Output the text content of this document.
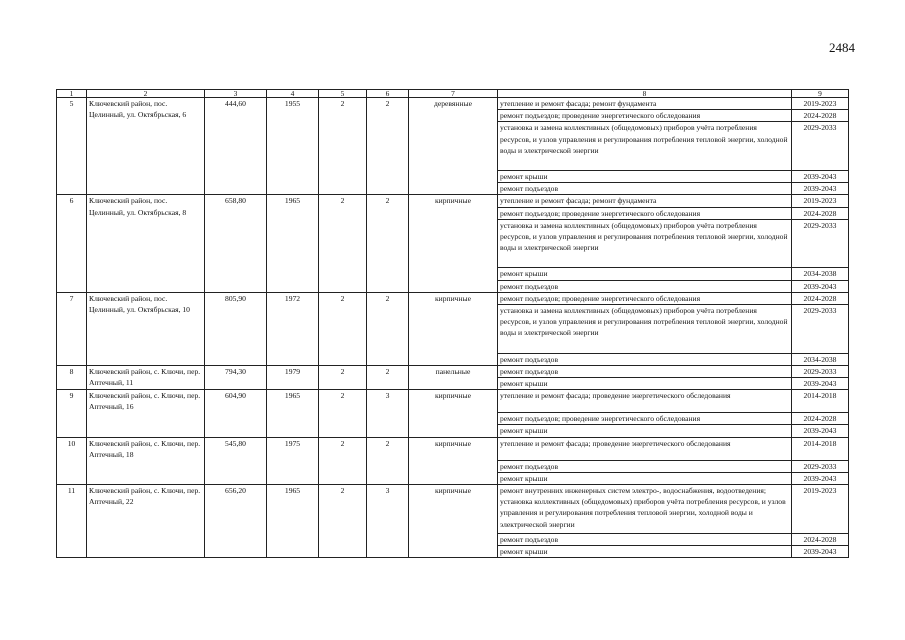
2484
1	2	3	4	5	6	7	8	9
5	Ключевский район, пос. Целинный, ул. Октябрьская, 6	444,60	1955	2	2	деревянные	утепление и ремонт фасада; ремонт фундамента	2019-2023
							ремонт подъездов; проведение энергетического обследования	2024-2028
							установка и замена коллективных (общедомовых) приборов учёта потребления ресурсов, и узлов управления и регулирования потребления тепловой энергии, холодной воды и электрической энергии	2029-2033
							ремонт крыши	2039-2043
							ремонт подъездов	2039-2043
6	Ключевский район, пос. Целинный, ул. Октябрьская, 8	658,80	1965	2	2	кирпичные	утепление и ремонт фасада; ремонт фундамента	2019-2023
							ремонт подъездов; проведение энергетического обследования	2024-2028
							установка и замена коллективных (общедомовых) приборов учёта потребления ресурсов, и узлов управления и регулирования потребления тепловой энергии, холодной воды и электрической энергии	2029-2033
							ремонт крыши	2034-2038
							ремонт подъездов	2039-2043
7	Ключевский район, пос. Целинный, ул. Октябрьская, 10	805,90	1972	2	2	кирпичные	ремонт подъездов; проведение энергетического обследования	2024-2028
							установка и замена коллективных (общедомовых) приборов учёта потребления ресурсов, и узлов управления и регулирования потребления тепловой энергии, холодной воды и электрической энергии	2029-2033
							ремонт подъездов	2034-2038
8	Ключевский район, с. Ключи, пер. Аптечный, 11	794,30	1979	2	2	панельные	ремонт подъездов	2029-2033
							ремонт крыши	2039-2043
9	Ключевский район, с. Ключи, пер. Аптечный, 16	604,90	1965	2	3	кирпичные	утепление и ремонт фасада; проведение энергетического обследования	2014-2018
							ремонт подъездов; проведение энергетического обследования	2024-2028
							ремонт крыши	2039-2043
10	Ключевский район, с. Ключи, пер. Аптечный, 18	545,80	1975	2	2	кирпичные	утепление и ремонт фасада; проведение энергетического обследования	2014-2018
							ремонт подъездов	2029-2033
							ремонт крыши	2039-2043
11	Ключевский район, с. Ключи, пер. Аптечный, 22	656,20	1965	2	3	кирпичные	ремонт внутренних инженерных систем электро-, водоснабжения, водоотведения; установка коллективных (общедомовых) приборов учёта потребления ресурсов, и узлов управления и регулирования потребления тепловой энергии, холодной воды и электрической энергии	2019-2023
							ремонт подъездов	2024-2028
							ремонт крыши	2039-2043
